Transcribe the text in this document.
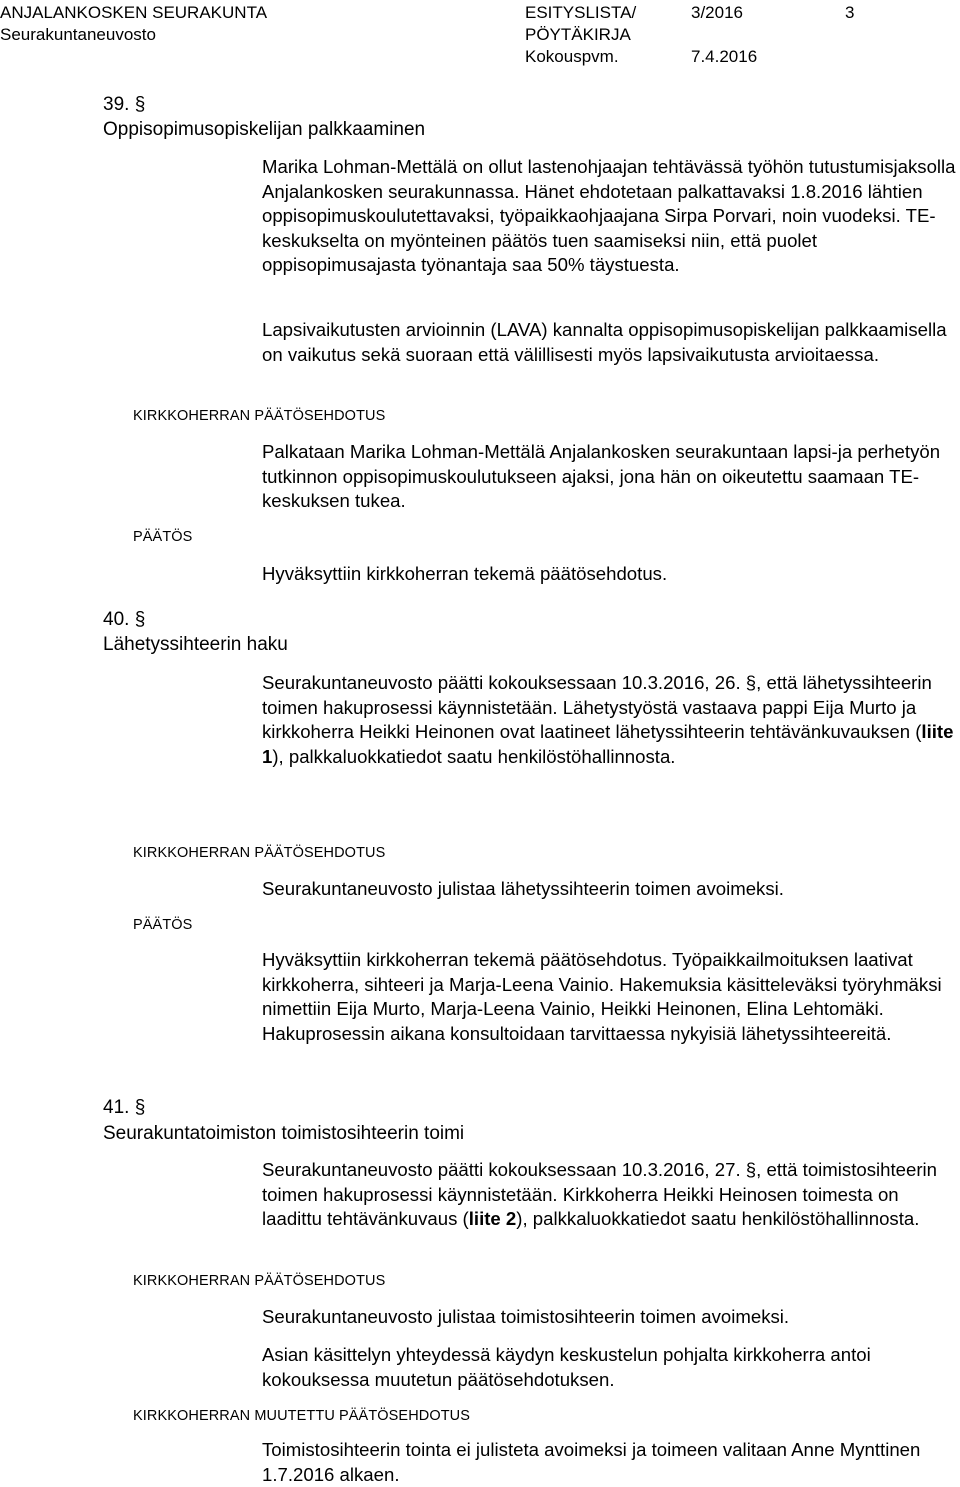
ANJALANKOSKEN SEURAKUNTA
Seurakuntaneuvosto
ESITYSLISTA/
PÖYTÄKIRJA
Kokouspvm.
3/2016
7.4.2016
3
39. §
Oppisopimusopiskelijan palkkaaminen

Marika Lohman-Mettälä on ollut lastenohjaajan tehtävässä työhön tutustumisjaksolla Anjalankosken seurakunnassa. Hänet ehdotetaan palkattavaksi 1.8.2016 lähtien oppisopimuskoulutettavaksi, työpaikkaohjaajana Sirpa Porvari, noin vuodeksi. TE-keskukselta on myönteinen päätös tuen saamiseksi niin, että puolet oppisopimusajasta työnantaja saa 50% täystuesta.

Lapsivaikutusten arvioinnin (LAVA) kannalta oppisopimusopiskelijan palkkaamisella on vaikutus sekä suoraan että välillisesti myös lapsivaikutusta arvioitaessa.

KIRKKOHERRAN PÄÄTÖSEHDOTUS

Palkataan Marika Lohman-Mettälä Anjalankosken seurakuntaan lapsi-ja perhetyön tutkinnon oppisopimuskoulutukseen ajaksi, jona hän on oikeutettu saamaan TE-keskuksen tukea.

PÄÄTÖS

Hyväksyttiin kirkkoherran tekemä päätösehdotus.

40. §
Lähetyssihteerin haku

Seurakuntaneuvosto päätti kokouksessaan 10.3.2016, 26. §, että lähetyssihteerin toimen hakuprosessi käynnistetään. Lähetystyöstä vastaava pappi Eija Murto ja kirkkoherra Heikki Heinonen ovat laatineet lähetyssihteerin tehtävänkuvauksen (liite 1), palkkaluokkatiedot saatu henkilöstöhallinnosta.

KIRKKOHERRAN PÄÄTÖSEHDOTUS

Seurakuntaneuvosto julistaa lähetyssihteerin toimen avoimeksi.

PÄÄTÖS

Hyväksyttiin kirkkoherran tekemä päätösehdotus. Työpaikkailmoituksen laativat kirkkoherra, sihteeri ja Marja-Leena Vainio. Hakemuksia käsitteleväksi työryhmäksi nimettiin Eija Murto, Marja-Leena Vainio, Heikki Heinonen, Elina Lehtomäki. Hakuprosessin aikana konsultoidaan tarvittaessa nykyisiä lähetyssihteereitä.

41. §
Seurakuntatoimiston toimistosihteerin toimi

Seurakuntaneuvosto päätti kokouksessaan 10.3.2016, 27. §, että toimistosihteerin toimen hakuprosessi käynnistetään. Kirkkoherra Heikki Heinosen toimesta on laadittu tehtävänkuvaus (liite 2), palkkaluokkatiedot saatu henkilöstöhallinnosta.

KIRKKOHERRAN PÄÄTÖSEHDOTUS

Seurakuntaneuvosto julistaa toimistosihteerin toimen avoimeksi.

Asian käsittelyn yhteydessä käydyn keskustelun pohjalta kirkkoherra antoi kokouksessa muutetun päätösehdotuksen.

KIRKKOHERRAN MUUTETTU PÄÄTÖSEHDOTUS

Toimistosihteerin tointa ei julisteta avoimeksi ja toimeen valitaan Anne Mynttinen 1.7.2016 alkaen.
